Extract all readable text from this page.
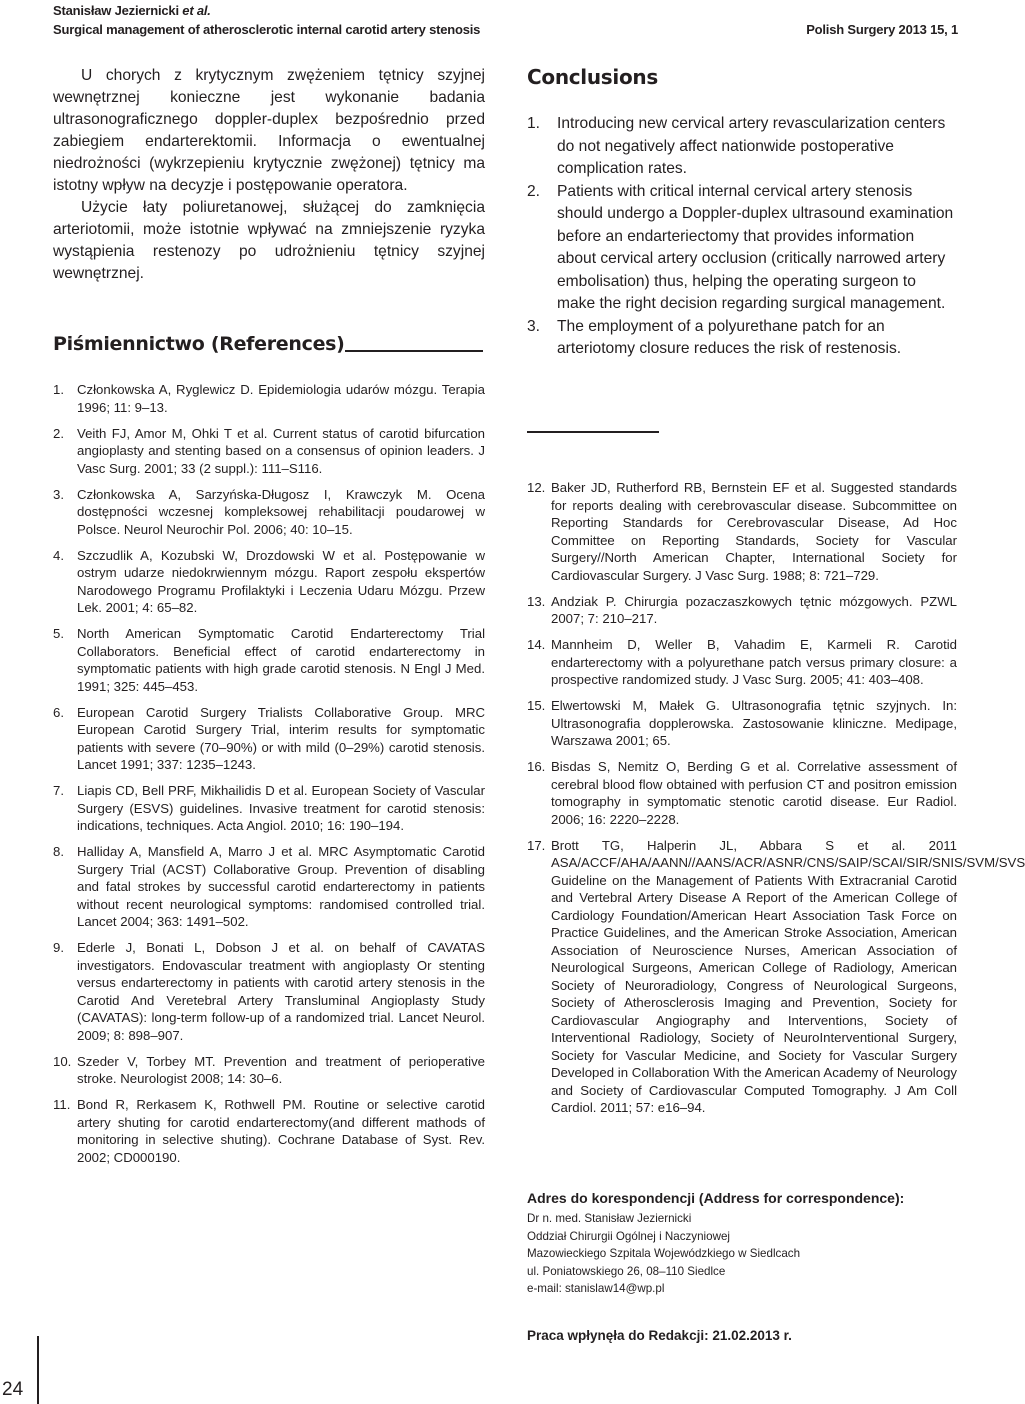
Stanisław Jeziernicki et al.
Surgical management of atherosclerotic internal carotid artery stenosis	Polish Surgery 2013 15, 1

U chorych z krytycznym zwężeniem tętnicy szyjnej wewnętrznej konieczne jest wykonanie badania ultrasonograficznego doppler-duplex bezpośrednio przed zabiegiem endarterektomii. Informacja o ewentualnej niedrożności (wykrzepieniu krytycznie zwężonej) tętnicy ma istotny wpływ na decyzje i postępowanie operatora.

Użycie łaty poliuretanowej, służącej do zamknięcia arteriotomii, może istotnie wpływać na zmniejszenie ryzyka wystąpienia restenozy po udrożnieniu tętnicy szyjnej wewnętrznej.

Piśmiennictwo (References)
1. Członkowska A, Ryglewicz D. Epidemiologia udarów mózgu. Terapia 1996; 11: 9–13.
2. Veith FJ, Amor M, Ohki T et al. Current status of carotid bifurcation angioplasty and stenting based on a consensus of opinion leaders. J Vasc Surg. 2001; 33 (2 suppl.): 111–S116.
3. Członkowska A, Sarzyńska-Długosz I, Krawczyk M. Ocena dostępności wczesnej kompleksowej rehabilitacji poudarowej w Polsce. Neurol Neurochir Pol. 2006; 40: 10–15.
4. Szczudlik A, Kozubski W, Drozdowski W et al. Postępowanie w ostrym udarze niedokrwiennym mózgu. Raport zespołu ekspertów Narodowego Programu Profilaktyki i Leczenia Udaru Mózgu. Przew Lek. 2001; 4: 65–82.
5. North American Symptomatic Carotid Endarterectomy Trial Collaborators. Beneficial effect of carotid endarterectomy in symptomatic patients with high grade carotid stenosis. N Engl J Med. 1991; 325: 445–453.
6. European Carotid Surgery Trialists Collaborative Group. MRC European Carotid Surgery Trial, interim results for symptomatic patients with severe (70–90%) or with mild (0–29%) carotid stenosis. Lancet 1991; 337: 1235–1243.
7. Liapis CD, Bell PRF, Mikhailidis D et al. European Society of Vascular Surgery (ESVS) guidelines. Invasive treatment for carotid stenosis: indications, techniques. Acta Angiol. 2010; 16: 190–194.
8. Halliday A, Mansfield A, Marro J et al. MRC Asymptomatic Carotid Surgery Trial (ACST) Collaborative Group. Prevention of disabling and fatal strokes by successful carotid endarterectomy in patients without recent neurological symptoms: randomised controlled trial. Lancet 2004; 363: 1491–502.
9. Ederle J, Bonati L, Dobson J et al. on behalf of CAVATAS investigators. Endovascular treatment with angioplasty Or stenting versus endarterectomy in patients with carotid artery stenosis in the Carotid And Veretebral Artery Transluminal Angioplasty Study (CAVATAS): long-term follow-up of a randomized trial. Lancet Neurol. 2009; 8: 898–907.
10. Szeder V, Torbey MT. Prevention and treatment of perioperative stroke. Neurologist 2008; 14: 30–6.
11. Bond R, Rerkasem K, Rothwell PM. Routine or selective carotid artery shuting for carotid endarterectomy(and different mathods of monitoring in selective shuting). Cochrane Database of Syst. Rev. 2002; CD000190.
Conclusions
1. Introducing new cervical artery revascularization centers do not negatively affect nationwide postoperative complication rates.
2. Patients with critical internal cervical artery stenosis should undergo a Doppler-duplex ultrasound examination before an endarteriectomy that provides information about cervical artery occlusion (critically narrowed artery embolisation) thus, helping the operating surgeon to make the right decision regarding surgical management.
3. The employment of a polyurethane patch for an arteriotomy closure reduces the risk of restenosis.
12. Baker JD, Rutherford RB, Bernstein EF et al. Suggested standards for reports dealing with cerebrovascular disease. Subcommittee on Reporting Standards for Cerebrovascular Disease, Ad Hoc Committee on Reporting Standards, Society for Vascular Surgery//North American Chapter, International Society for Cardiovascular Surgery. J Vasc Surg. 1988; 8: 721–729.
13. Andziak P. Chirurgia pozaczaszkowych tętnic mózgowych. PZWL 2007; 7: 210–217.
14. Mannheim D, Weller B, Vahadim E, Karmeli R. Carotid endarterectomy with a polyurethane patch versus primary closure: a prospective randomized study. J Vasc Surg. 2005; 41: 403–408.
15. Elwertowski M, Małek G. Ultrasonografia tętnic szyjnych. In: Ultrasonografia dopplerowska. Zastosowanie kliniczne. Medipage, Warszawa 2001; 65.
16. Bisdas S, Nemitz O, Berding G et al. Correlative assessment of cerebral blood flow obtained with perfusion CT and positron emission tomography in symptomatic stenotic carotid disease. Eur Radiol. 2006; 16: 2220–2228.
17. Brott TG, Halperin JL, Abbara S et al. 2011 ASA/ACCF/AHA/AANN//AANS/ACR/ASNR/CNS/SAIP/SCAI/SIR/SNIS/SVM/SVS Guideline on the Management of Patients With Extracranial Carotid and Vertebral Artery Disease A Report of the American College of Cardiology Foundation/American Heart Association Task Force on Practice Guidelines, and the American Stroke Association, American Association of Neuroscience Nurses, American Association of Neurological Surgeons, American College of Radiology, American Society of Neuroradiology, Congress of Neurological Surgeons, Society of Atherosclerosis Imaging and Prevention, Society for Cardiovascular Angiography and Interventions, Society of Interventional Radiology, Society of NeuroInterventional Surgery, Society for Vascular Medicine, and Society for Vascular Surgery Developed in Collaboration With the American Academy of Neurology and Society of Cardiovascular Computed Tomography. J Am Coll Cardiol. 2011; 57: e16–94.
Adres do korespondencji (Address for correspondence):
Dr n. med. Stanisław Jeziernicki
Oddział Chirurgii Ogólnej i Naczyniowej
Mazowieckiego Szpitala Wojewódzkiego w Siedlcach
ul. Poniatowskiego 26, 08–110 Siedlce
e-mail: stanislaw14@wp.pl
Praca wpłynęła do Redakcji: 21.02.2013 r.
24
